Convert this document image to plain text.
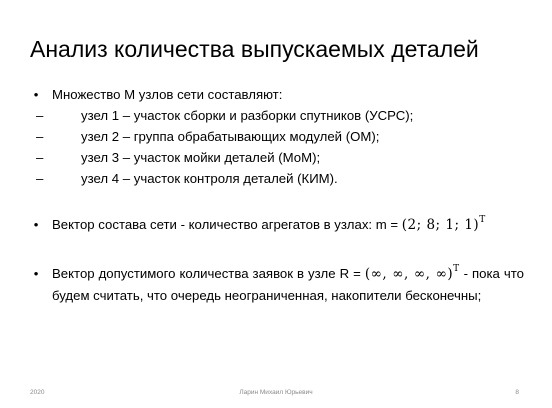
Анализ количества выпускаемых деталей
• Множество M узлов сети составляют:
–	узел 1 – участок сборки и разборки спутников (УСРС);
–	узел 2 – группа обрабатывающих модулей (ОМ);
–	узел 3 – участок мойки деталей (МоМ);
–	узел 4 – участок контроля деталей (КИМ).
• Вектор состава сети - количество агрегатов в узлах: m = (2; 8; 1; 1)$^T$
• Вектор допустимого количества заявок в узле R = (∞, ∞, ∞, ∞)$^T$ - пока что будем считать, что очередь неограниченная, накопители бесконечны;
2020	Ларин Михаил Юрьевич	8
